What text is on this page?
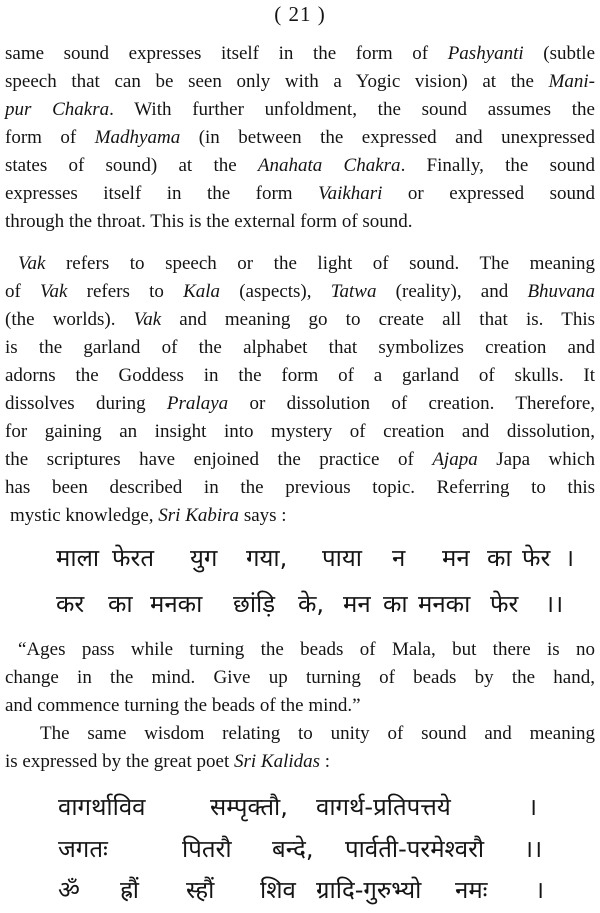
( 21 )
same sound expresses itself in the form of Pashyanti (subtle
speech that can be seen only with a Yogic vision) at the Mani-
pur Chakra. With further unfoldment, the sound assumes the
form of Madhyama (in between the expressed and unexpressed
states of sound) at the Anahata Chakra. Finally, the sound
expresses itself in the form Vaikhari or expressed sound
through the throat. This is the external form of sound.
Vak refers to speech or the light of sound. The meaning
of Vak refers to Kala (aspects), Tatwa (reality), and Bhuvana
(the worlds). Vak and meaning go to create all that is. This
is the garland of the alphabet that symbolizes creation and
adorns the Goddess in the form of a garland of skulls. It
dissolves during Pralaya or dissolution of creation. Therefore,
for gaining an insight into mystery of creation and dissolution,
the scriptures have enjoined the practice of Ajapa Japa which
has been described in the previous topic. Referring to this
mystic knowledge, Sri Kabira says :
माला फेरत युग गया, पाया न मन का फेर ।
कर का मनका छांड़ि के, मन का मनका फेर ।।
“Ages pass while turning the beads of Mala, but there is no
change in the mind. Give up turning of beads by the hand,
and commence turning the beads of the mind.”
The same wisdom relating to unity of sound and meaning
is expressed by the great poet Sri Kalidas :
वागर्थाविव	सम्पृक्तौ, वागर्थ-प्रतिपत्तये	।
जगतः	पितरौ बन्दे, पार्वती-परमेश्वरौ ।।
ॐ ह्रौं स्हौं शिव ग्रादि-गुरुभ्यो नमः ।
